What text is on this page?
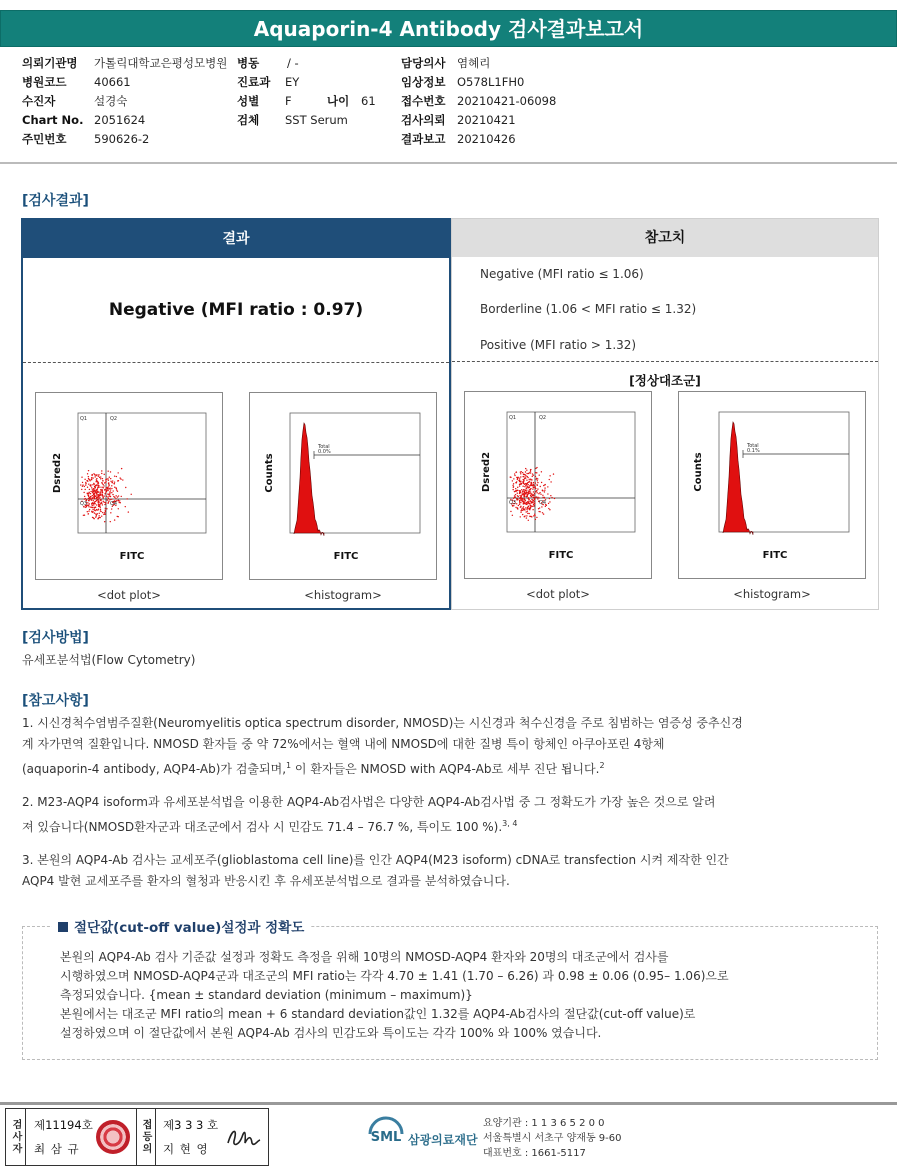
Aquaporin-4 Antibody 검사결과보고서
의뢰기관명 가톨릭대학교은평성모병원
병원코드 40661
수진자	설경숙
Chart No. 2051624
주민번호 590626-2
병동 / -
진료과 EY
성별 F	나이 61
검체 SST Serum
담당의사 염혜리
임상정보 O578L1FH0
접수번호 20210421-06098
검사의뢰 20210421
결과보고 20210426
[검사결과]
결과
Negative (MFI ratio : 0.97)
Q1	Q2
Q3	Q4
Dsred2
FITC
Total
0.0%
Counts
FITC
<dot plot>	<histogram>
참고치
Negative (MFI ratio ≤ 1.06)
Borderline (1.06 < MFI ratio ≤ 1.32)
Positive (MFI ratio > 1.32)
[정상대조군]
Q1	Q2
Q3	Q4
Dsred2
FITC
Total
0.1%
Counts
FITC
<dot plot>	<histogram>
[검사방법]
유세포분석법(Flow Cytometry)
[참고사항]
1. 시신경척수염범주질환(Neuromyelitis optica spectrum disorder, NMOSD)는 시신경과 척수신경을 주로 침범하는 염증성 중추신경
계 자가면역 질환입니다. NMOSD 환자들 중 약 72%에서는 혈액 내에 NMOSD에 대한 질병 특이 항체인 아쿠아포린 4항체
(aquaporin-4 antibody, AQP4-Ab)가 검출되며,$^1$ 이 환자들은 NMOSD with AQP4-Ab로 세부 진단 됩니다.$^2$
2. M23-AQP4 isoform과 유세포분석법을 이용한 AQP4-Ab검사법은 다양한 AQP4-Ab검사법 중 그 정확도가 가장 높은 것으로 알려
져 있습니다(NMOSD환자군과 대조군에서 검사 시 민감도 71.4 – 76.7 %, 특이도 100 %).$^{3, 4}$
3. 본원의 AQP4-Ab 검사는 교세포주(glioblastoma cell line)를 인간 AQP4(M23 isoform) cDNA로 transfection 시켜 제작한 인간
AQP4 발현 교세포주를 환자의 혈청과 반응시킨 후 유세포분석법으로 결과를 분석하였습니다.
절단값(cut-off value)설정과 정확도
본원의 AQP4-Ab 검사 기준값 설정과 정확도 측정을 위해 10명의 NMOSD-AQP4 환자와 20명의 대조군에서 검사를
시행하였으며 NMOSD-AQP4군과 대조군의 MFI ratio는 각각 4.70 ± 1.41 (1.70 – 6.26) 과 0.98 ± 0.06 (0.95– 1.06)으로
측정되었습니다. {mean ± standard deviation (minimum – maximum)}
본원에서는 대조군 MFI ratio의 mean + 6 standard deviation값인 1.32를 AQP4-Ab검사의 절단값(cut-off value)로
설정하였으며 이 절단값에서 본원 AQP4-Ab 검사의 민감도와 특이도는 각각 100% 와 100% 였습니다.
검사자	제11194호
최 삼 규	접등의	제3 3 3 호
지 현 영
SML 삼광의료재단
요양기관 : 1 1 3 6 5 2 0 0
서울특별시 서초구 양재동 9-60
대표번호 : 1661-5117
